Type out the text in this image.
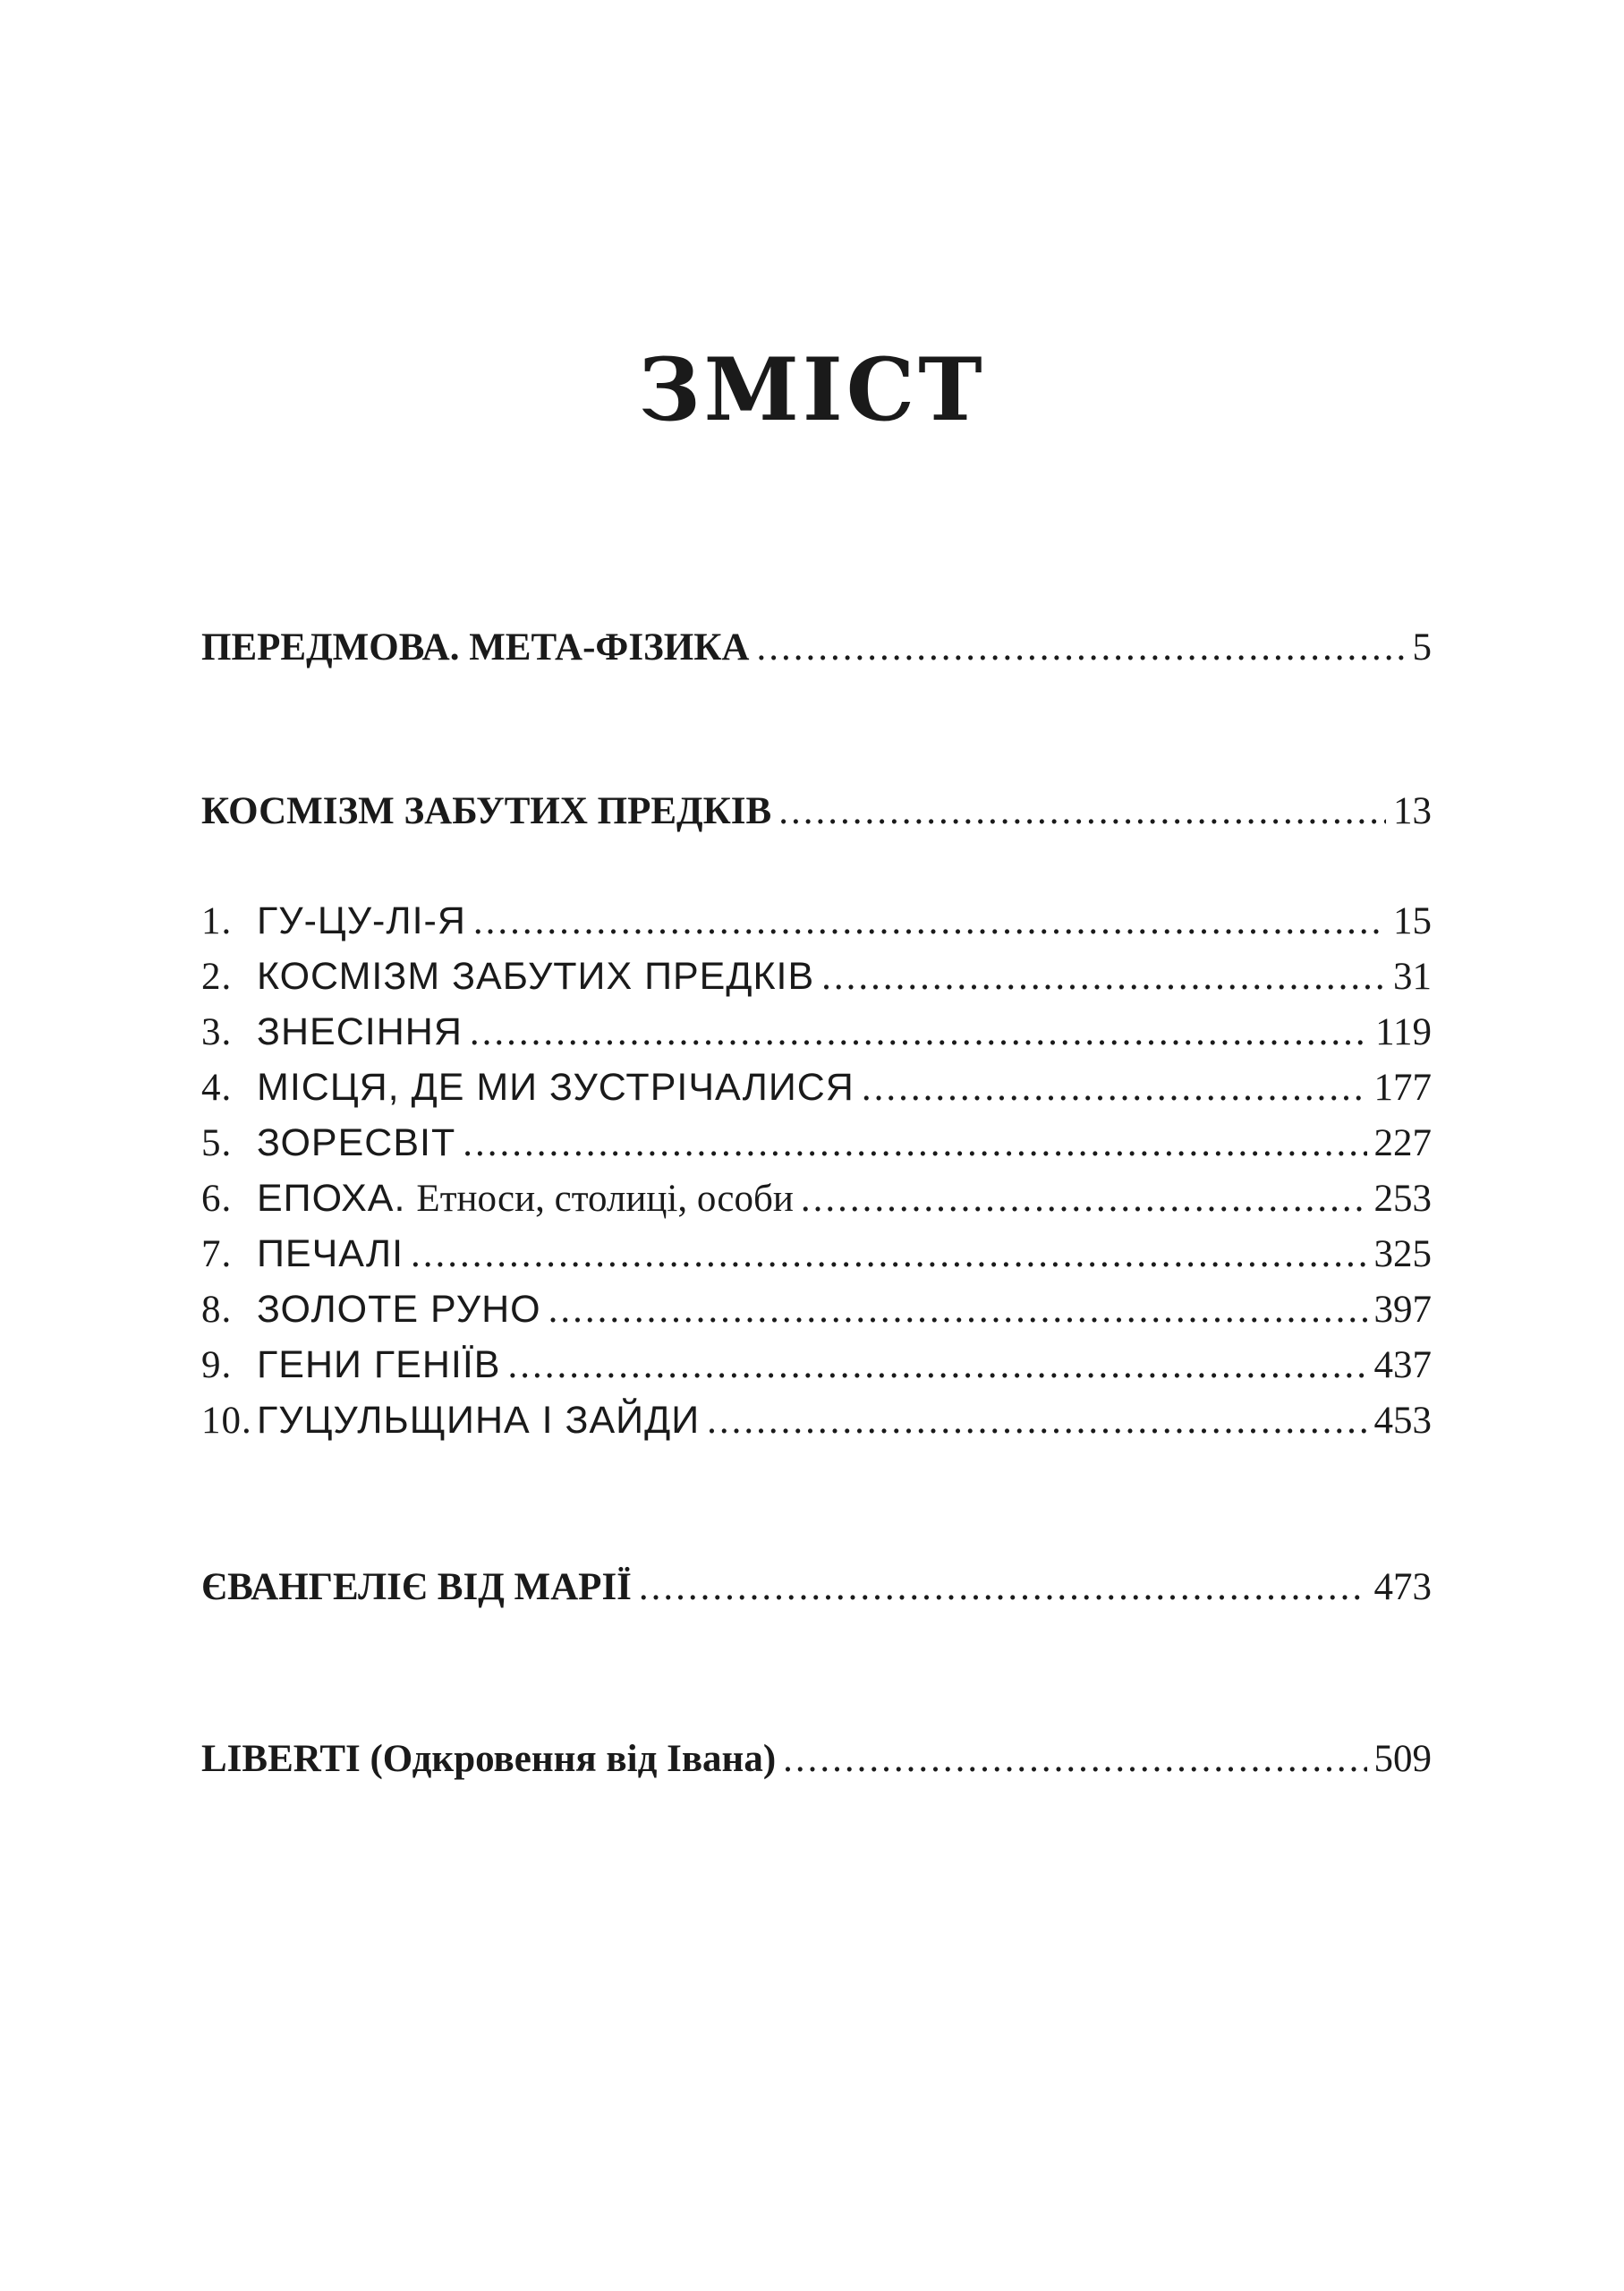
ЗМІСТ
ПЕРЕДМОВА. МЕТА-ФІЗИКА .....	5
КОСМІЗМ ЗАБУТИХ ПРЕДКІВ .....	13
1. ГУ-ЦУ-ЛІ-Я .....	15
2. КОСМІЗМ ЗАБУТИХ ПРЕДКІВ .....	31
3. ЗНЕСІННЯ .....	119
4. МІСЦЯ, ДЕ МИ ЗУСТРІЧАЛИСЯ .....	177
5. ЗОРЕСВІТ .....	227
6. ЕПОХА. Етноси, столиці, особи .....	253
7. ПЕЧАЛІ .....	325
8. ЗОЛОТЕ РУНО .....	397
9. ГЕНИ ГЕНІЇВ .....	437
10. ГУЦУЛЬЩИНА І ЗАЙДИ .....	453
ЄВАНГЕЛІЄ ВІД МАРІЇ .....	473
LIBERTI (Одкровення від Івана) .....	509
